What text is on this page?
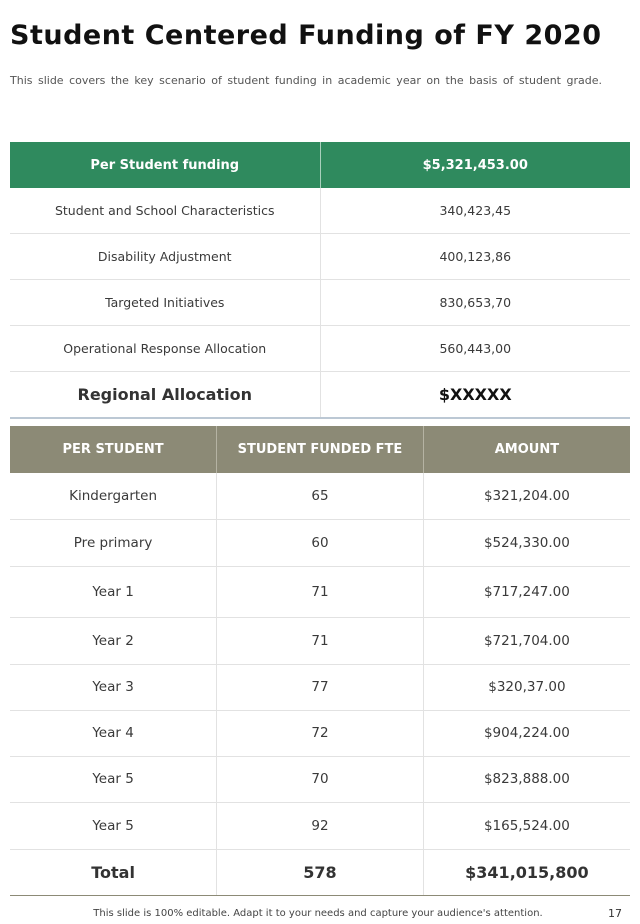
Student Centered Funding of FY 2020
This slide covers the key scenario of student funding in academic year on the basis of student grade.
Per Student funding	$5,321,453.00
Student and School Characteristics	340,423,45
Disability Adjustment	400,123,86
Targeted Initiatives	830,653,70
Operational Response Allocation	560,443,00
Regional Allocation	$XXXXX
PER STUDENT	STUDENT FUNDED FTE	AMOUNT
Kindergarten	65	$321,204.00
Pre primary	60	$524,330.00
Year 1	71	$717,247.00
Year 2	71	$721,704.00
Year 3	77	$320,37.00
Year 4	72	$904,224.00
Year 5	70	$823,888.00
Year 5	92	$165,524.00
Total	578	$341,015,800
This slide is 100% editable. Adapt it to your needs and capture your audience's attention.	17
